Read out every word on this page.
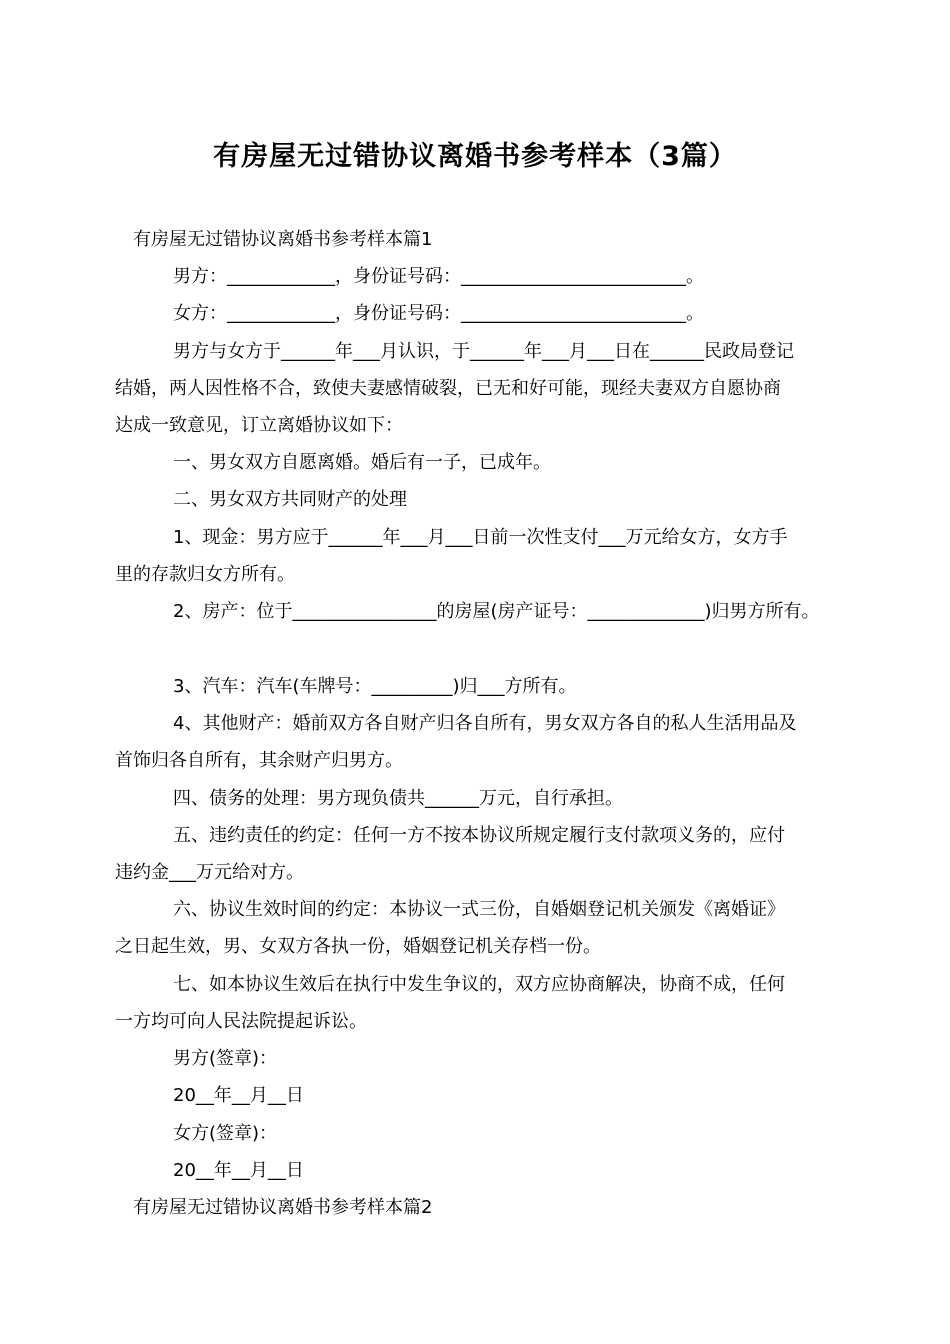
有房屋无过错协议离婚书参考样本（3篇）
有房屋无过错协议离婚书参考样本篇1
男方：____________，身份证号码：_________________________。
女方：____________，身份证号码：_________________________。
男方与女方于______年___月认识，于______年___月___日在______民政局登记
结婚，两人因性格不合，致使夫妻感情破裂，已无和好可能，现经夫妻双方自愿协商
达成一致意见，订立离婚协议如下：
一、男女双方自愿离婚。婚后有一子，已成年。
二、男女双方共同财产的处理
1、现金：男方应于______年___月___日前一次性支付___万元给女方，女方手
里的存款归女方所有。
2、房产：位于________________的房屋(房产证号：_____________)归男方所有。
3、汽车：汽车(车牌号：_________)归___方所有。
4、其他财产：婚前双方各自财产归各自所有，男女双方各自的私人生活用品及
首饰归各自所有，其余财产归男方。
四、债务的处理：男方现负债共______万元，自行承担。
五、违约责任的约定：任何一方不按本协议所规定履行支付款项义务的，应付
违约金___万元给对方。
六、协议生效时间的约定：本协议一式三份，自婚姻登记机关颁发《离婚证》
之日起生效，男、女双方各执一份，婚姻登记机关存档一份。
七、如本协议生效后在执行中发生争议的，双方应协商解决，协商不成，任何
一方均可向人民法院提起诉讼。
男方(签章)：
20__年__月__日
女方(签章)：
20__年__月__日
有房屋无过错协议离婚书参考样本篇2
